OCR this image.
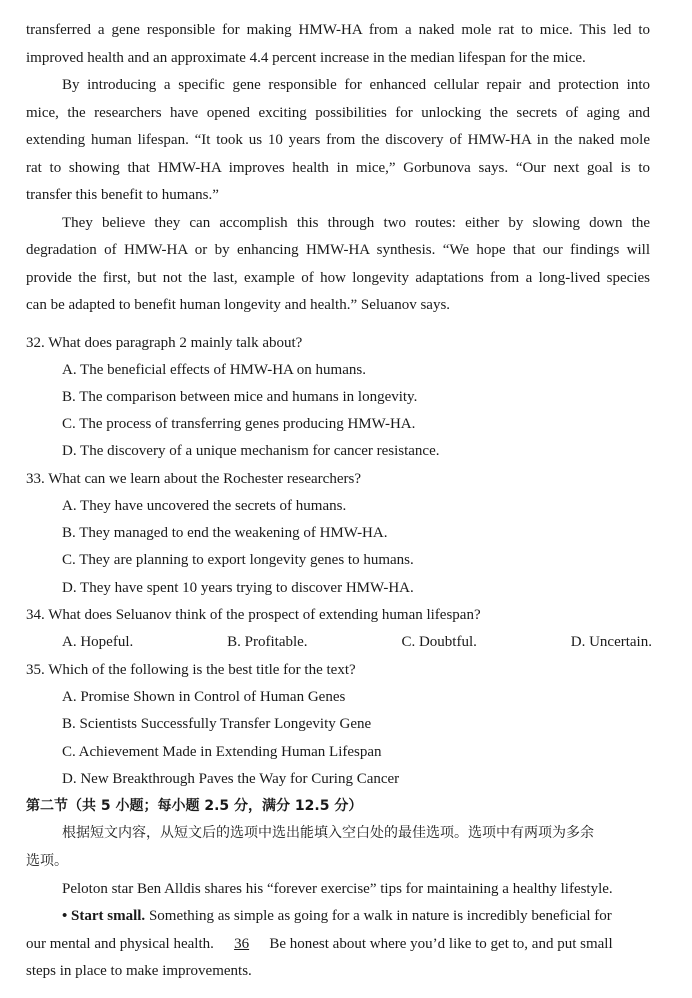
transferred a gene responsible for making HMW-HA from a naked mole rat to mice. This led to
improved health and an approximate 4.4 percent increase in the median lifespan for the mice.
By introducing a specific gene responsible for enhanced cellular repair and protection into
mice, the researchers have opened exciting possibilities for unlocking the secrets of aging and
extending human lifespan. “It took us 10 years from the discovery of HMW-HA in the naked mole
rat to showing that HMW-HA improves health in mice,” Gorbunova says. “Our next goal is to
transfer this benefit to humans.”
They believe they can accomplish this through two routes: either by slowing down the
degradation of HMW-HA or by enhancing HMW-HA synthesis. “We hope that our findings will
provide the first, but not the last, example of how longevity adaptations from a long-lived species
can be adapted to benefit human longevity and health.” Seluanov says.
32. What does paragraph 2 mainly talk about?
A. The beneficial effects of HMW-HA on humans.
B. The comparison between mice and humans in longevity.
C. The process of transferring genes producing HMW-HA.
D. The discovery of a unique mechanism for cancer resistance.
33. What can we learn about the Rochester researchers?
A. They have uncovered the secrets of humans.
B. They managed to end the weakening of HMW-HA.
C. They are planning to export longevity genes to humans.
D. They have spent 10 years trying to discover HMW-HA.
34. What does Seluanov think of the prospect of extending human lifespan?
A. Hopeful.	B. Profitable.	C. Doubtful.	D. Uncertain.
35. Which of the following is the best title for the text?
A. Promise Shown in Control of Human Genes
B. Scientists Successfully Transfer Longevity Gene
C. Achievement Made in Extending Human Lifespan
D. New Breakthrough Paves the Way for Curing Cancer
第二节（共 5 小题；每小题 2.5 分，满分 12.5 分）
根据短文内容，从短文后的选项中选出能填入空白处的最佳选项。选项中有两项为多余
选项。
Peloton star Ben Alldis shares his “forever exercise” tips for maintaining a healthy lifestyle.
• Start small. Something as simple as going for a walk in nature is incredibly beneficial for
our mental and physical health. 36 Be honest about where you’d like to get to, and put small
steps in place to make improvements.
